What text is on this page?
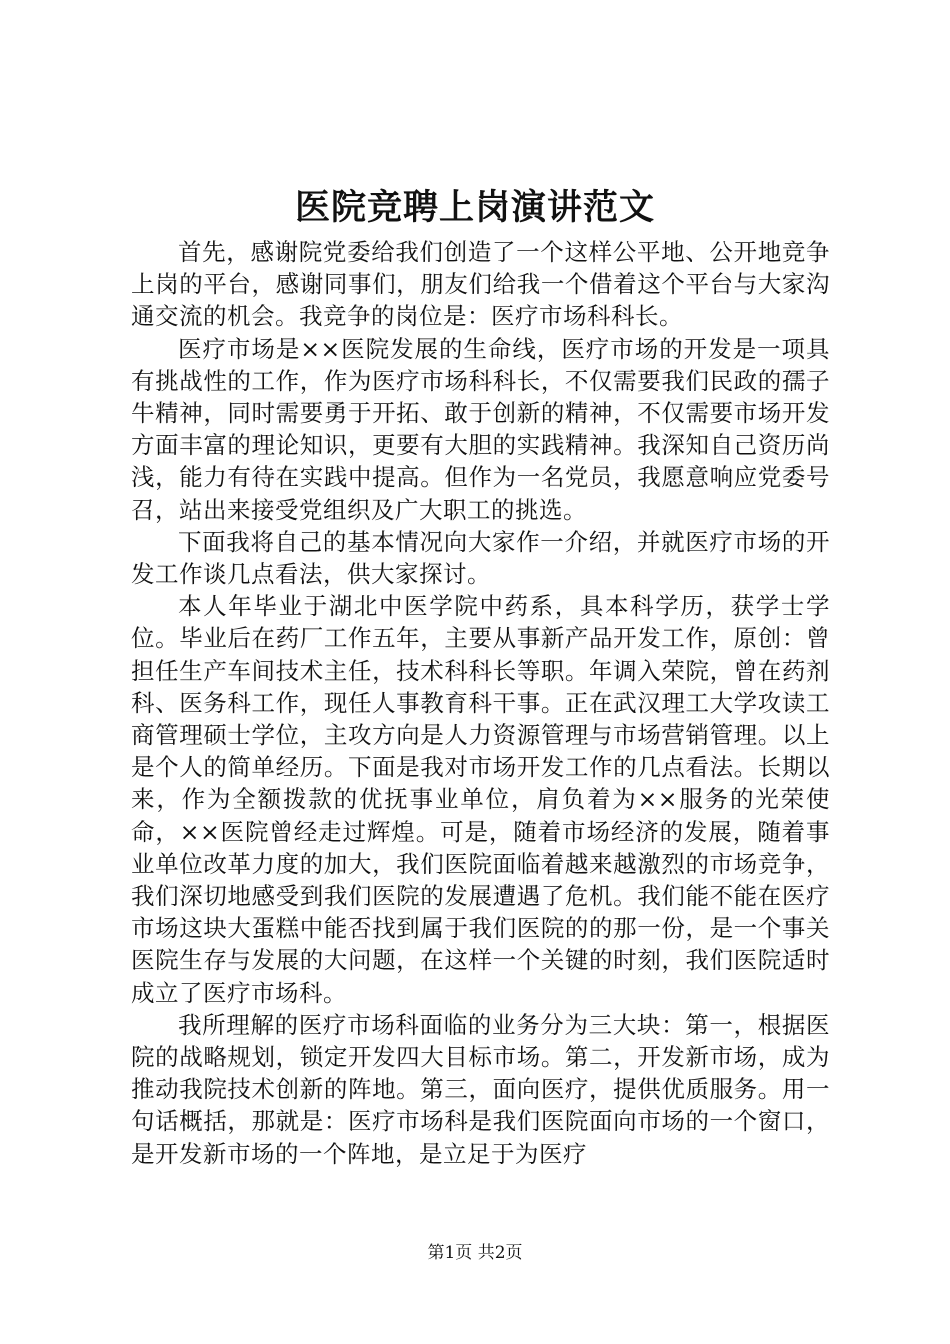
医院竞聘上岗演讲范文

首先，感谢院党委给我们创造了一个这样公平地、公开地竞争上岗的平台，感谢同事们，朋友们给我一个借着这个平台与大家沟通交流的机会。我竞争的岗位是：医疗市场科科长。

医疗市场是××医院发展的生命线，医疗市场的开发是一项具有挑战性的工作，作为医疗市场科科长，不仅需要我们民政的孺子牛精神，同时需要勇于开拓、敢于创新的精神，不仅需要市场开发方面丰富的理论知识，更要有大胆的实践精神。我深知自己资历尚浅，能力有待在实践中提高。但作为一名党员，我愿意响应党委号召，站出来接受党组织及广大职工的挑选。

下面我将自己的基本情况向大家作一介绍，并就医疗市场的开发工作谈几点看法，供大家探讨。

本人年毕业于湖北中医学院中药系，具本科学历，获学士学位。毕业后在药厂工作五年，主要从事新产品开发工作，原创：曾担任生产车间技术主任，技术科科长等职。年调入荣院，曾在药剂科、医务科工作，现任人事教育科干事。正在武汉理工大学攻读工商管理硕士学位，主攻方向是人力资源管理与市场营销管理。以上是个人的简单经历。下面是我对市场开发工作的几点看法。长期以来，作为全额拨款的优抚事业单位，肩负着为××服务的光荣使命，××医院曾经走过辉煌。可是，随着市场经济的发展，随着事业单位改革力度的加大，我们医院面临着越来越激烈的市场竞争，我们深切地感受到我们医院的发展遭遇了危机。我们能不能在医疗市场这块大蛋糕中能否找到属于我们医院的的那一份，是一个事关医院生存与发展的大问题，在这样一个关键的时刻，我们医院适时成立了医疗市场科。

我所理解的医疗市场科面临的业务分为三大块：第一，根据医院的战略规划，锁定开发四大目标市场。第二，开发新市场，成为推动我院技术创新的阵地。第三，面向医疗，提供优质服务。用一句话概括，那就是：医疗市场科是我们医院面向市场的一个窗口，是开发新市场的一个阵地，是立足于为医疗

第1页 共2页
